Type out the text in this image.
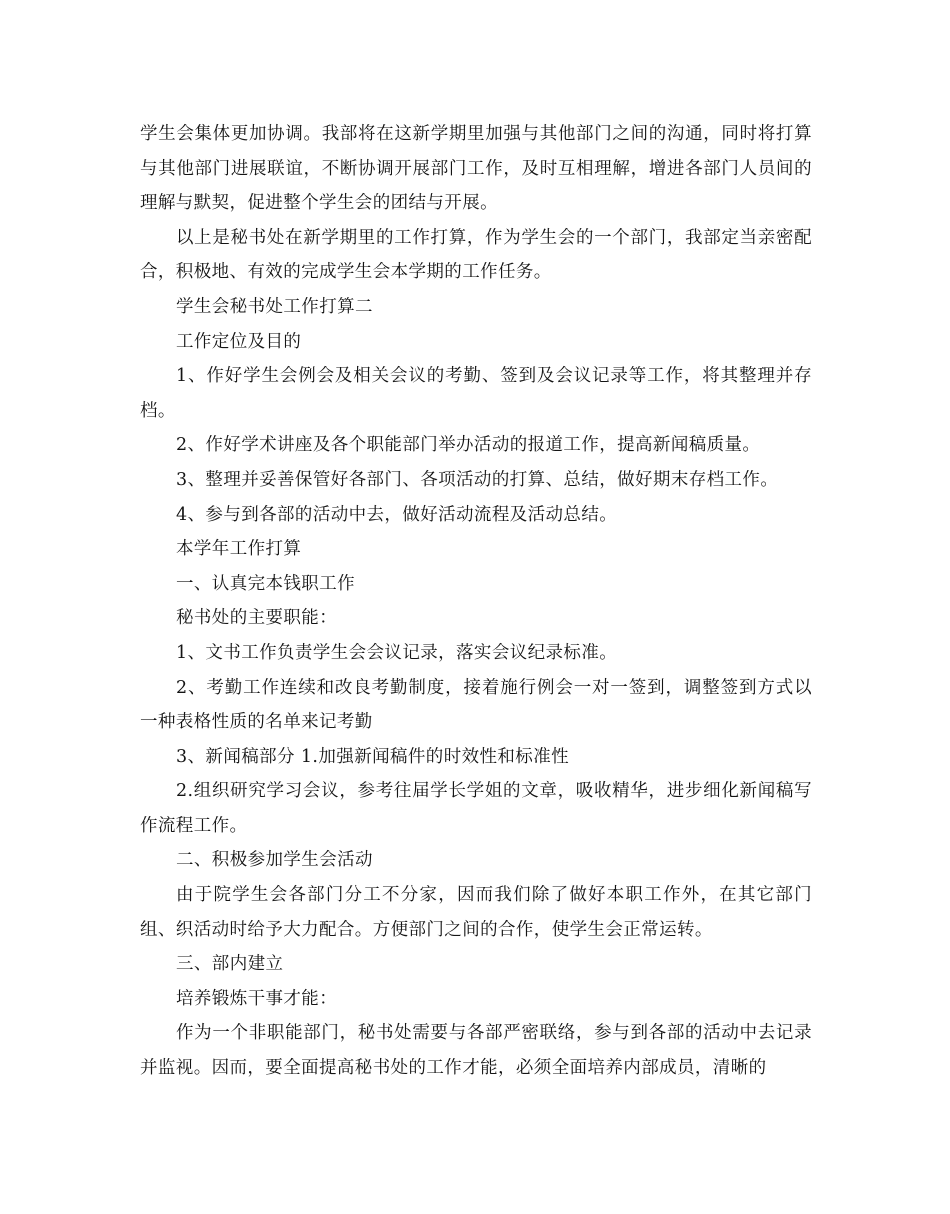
学生会集体更加协调。我部将在这新学期里加强与其他部门之间的沟通，同时将打算与其他部门进展联谊，不断协调开展部门工作，及时互相理解，增进各部门人员间的理解与默契，促进整个学生会的团结与开展。

以上是秘书处在新学期里的工作打算，作为学生会的一个部门，我部定当亲密配合，积极地、有效的完成学生会本学期的工作任务。

学生会秘书处工作打算二

工作定位及目的

1、作好学生会例会及相关会议的考勤、签到及会议记录等工作，将其整理并存档。

2、作好学术讲座及各个职能部门举办活动的报道工作，提高新闻稿质量。

3、整理并妥善保管好各部门、各项活动的打算、总结，做好期末存档工作。

4、参与到各部的活动中去，做好活动流程及活动总结。

本学年工作打算

一、认真完本钱职工作

秘书处的主要职能：

1、文书工作负责学生会会议记录，落实会议纪录标准。

2、考勤工作连续和改良考勤制度，接着施行例会一对一签到，调整签到方式以一种表格性质的名单来记考勤

3、新闻稿部分 1.加强新闻稿件的时效性和标准性

2.组织研究学习会议，参考往届学长学姐的文章，吸收精华，进步细化新闻稿写作流程工作。

二、积极参加学生会活动

由于院学生会各部门分工不分家，因而我们除了做好本职工作外，在其它部门组、织活动时给予大力配合。方便部门之间的合作，使学生会正常运转。

三、部内建立

培养锻炼干事才能：

作为一个非职能部门，秘书处需要与各部严密联络，参与到各部的活动中去记录并监视。因而，要全面提高秘书处的工作才能，必须全面培养内部成员，清晰的
